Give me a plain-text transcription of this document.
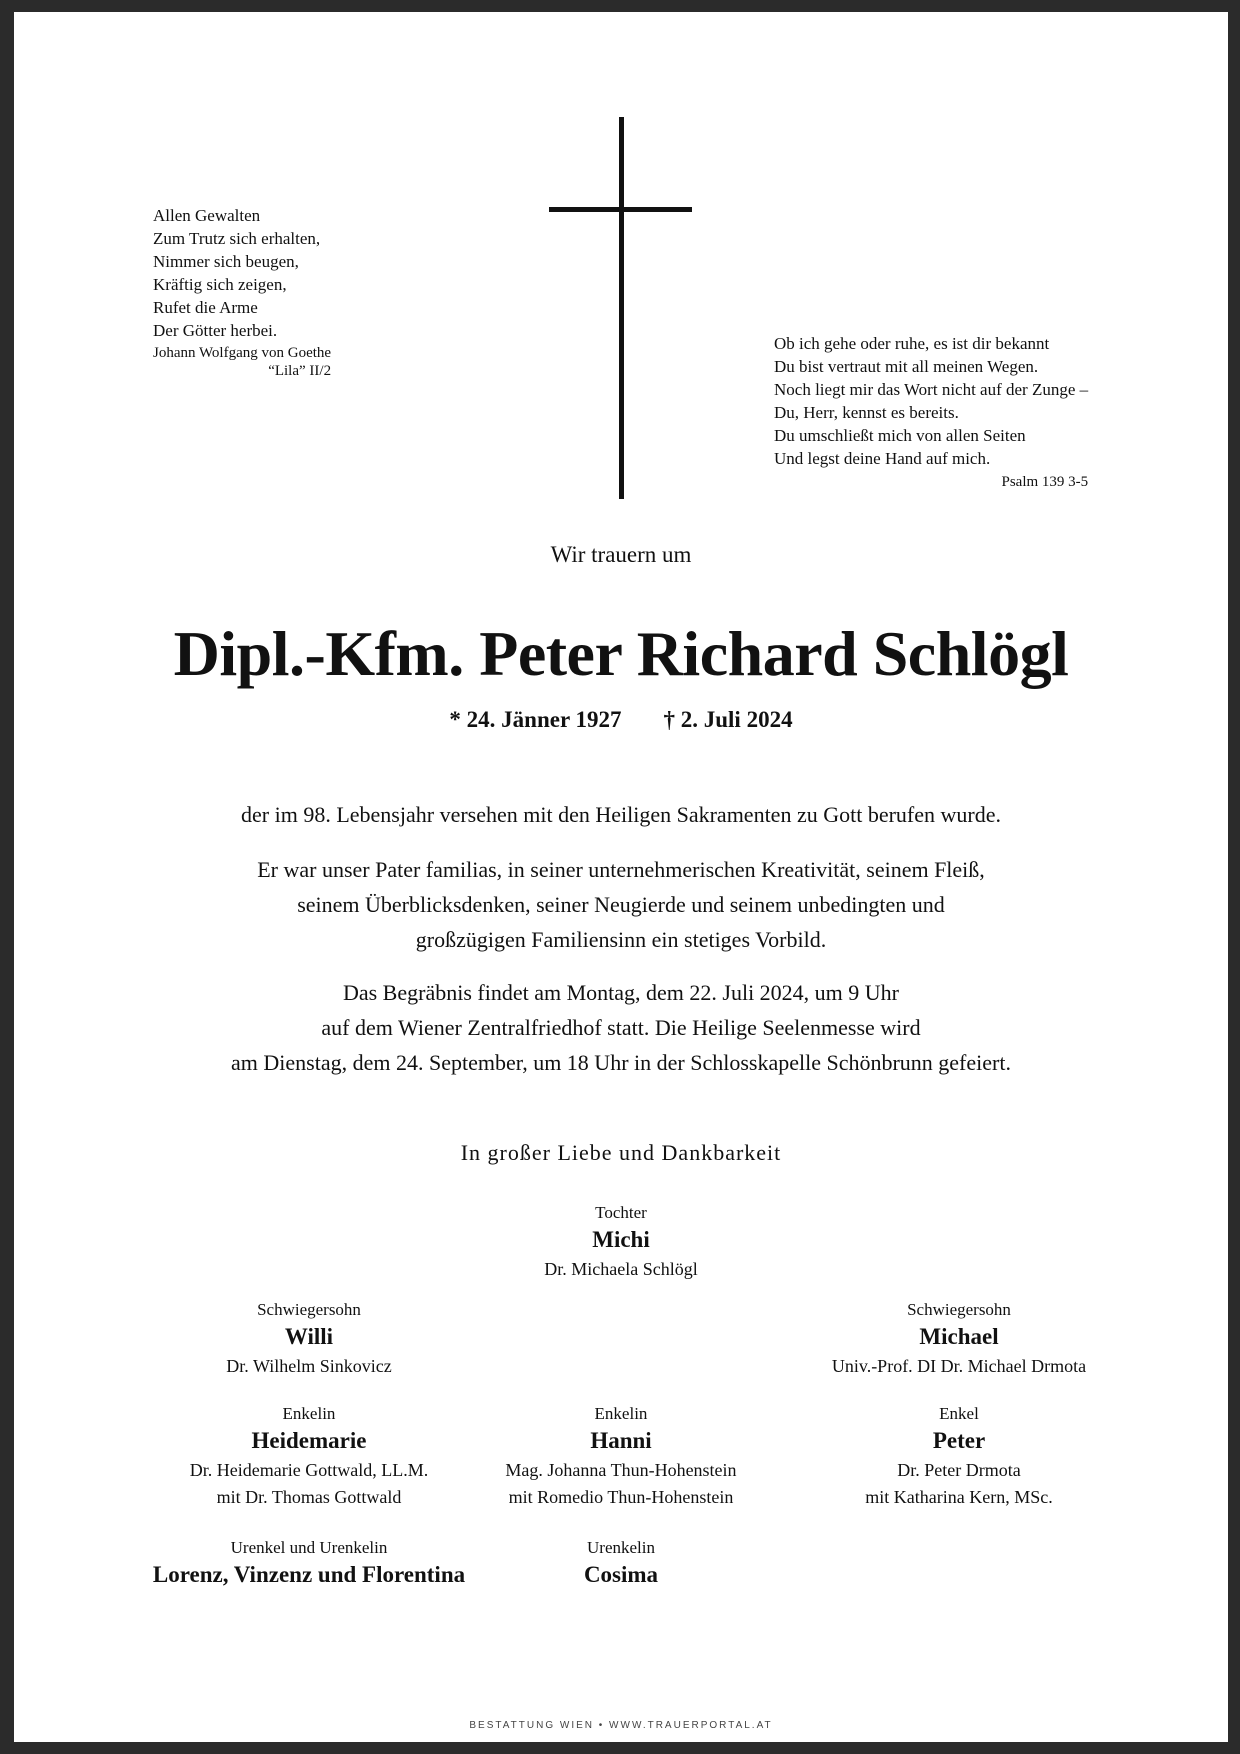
Allen Gewalten
Zum Trutz sich erhalten,
Nimmer sich beugen,
Kräftig sich zeigen,
Rufet die Arme
Der Götter herbei.
Johann Wolfgang von Goethe
“Lila” II/2
Ob ich gehe oder ruhe, es ist dir bekannt
Du bist vertraut mit all meinen Wegen.
Noch liegt mir das Wort nicht auf der Zunge –
Du, Herr, kennst es bereits.
Du umschließt mich von allen Seiten
Und legst deine Hand auf mich.
Psalm 139 3-5
Wir trauern um
Dipl.-Kfm. Peter Richard Schlögl
* 24. Jänner 1927 † 2. Juli 2024
der im 98. Lebensjahr versehen mit den Heiligen Sakramenten zu Gott berufen wurde.
Er war unser Pater familias, in seiner unternehmerischen Kreativität, seinem Fleiß,
seinem Überblicksdenken, seiner Neugierde und seinem unbedingten und
großzügigen Familiensinn ein stetiges Vorbild.
Das Begräbnis findet am Montag, dem 22. Juli 2024, um 9 Uhr
auf dem Wiener Zentralfriedhof statt. Die Heilige Seelenmesse wird
am Dienstag, dem 24. September, um 18 Uhr in der Schlosskapelle Schönbrunn gefeiert.
In großer Liebe und Dankbarkeit
Tochter
Michi
Dr. Michaela Schlögl
Schwiegersohn
Willi
Dr. Wilhelm Sinkovicz
Schwiegersohn
Michael
Univ.-Prof. DI Dr. Michael Drmota
Enkelin
Heidemarie
Dr. Heidemarie Gottwald, LL.M.
mit Dr. Thomas Gottwald
Enkelin
Hanni
Mag. Johanna Thun-Hohenstein
mit Romedio Thun-Hohenstein
Enkel
Peter
Dr. Peter Drmota
mit Katharina Kern, MSc.
Urenkel und Urenkelin
Lorenz, Vinzenz und Florentina
Urenkelin
Cosima
BESTATTUNG WIEN • WWW.TRAUERPORTAL.AT
